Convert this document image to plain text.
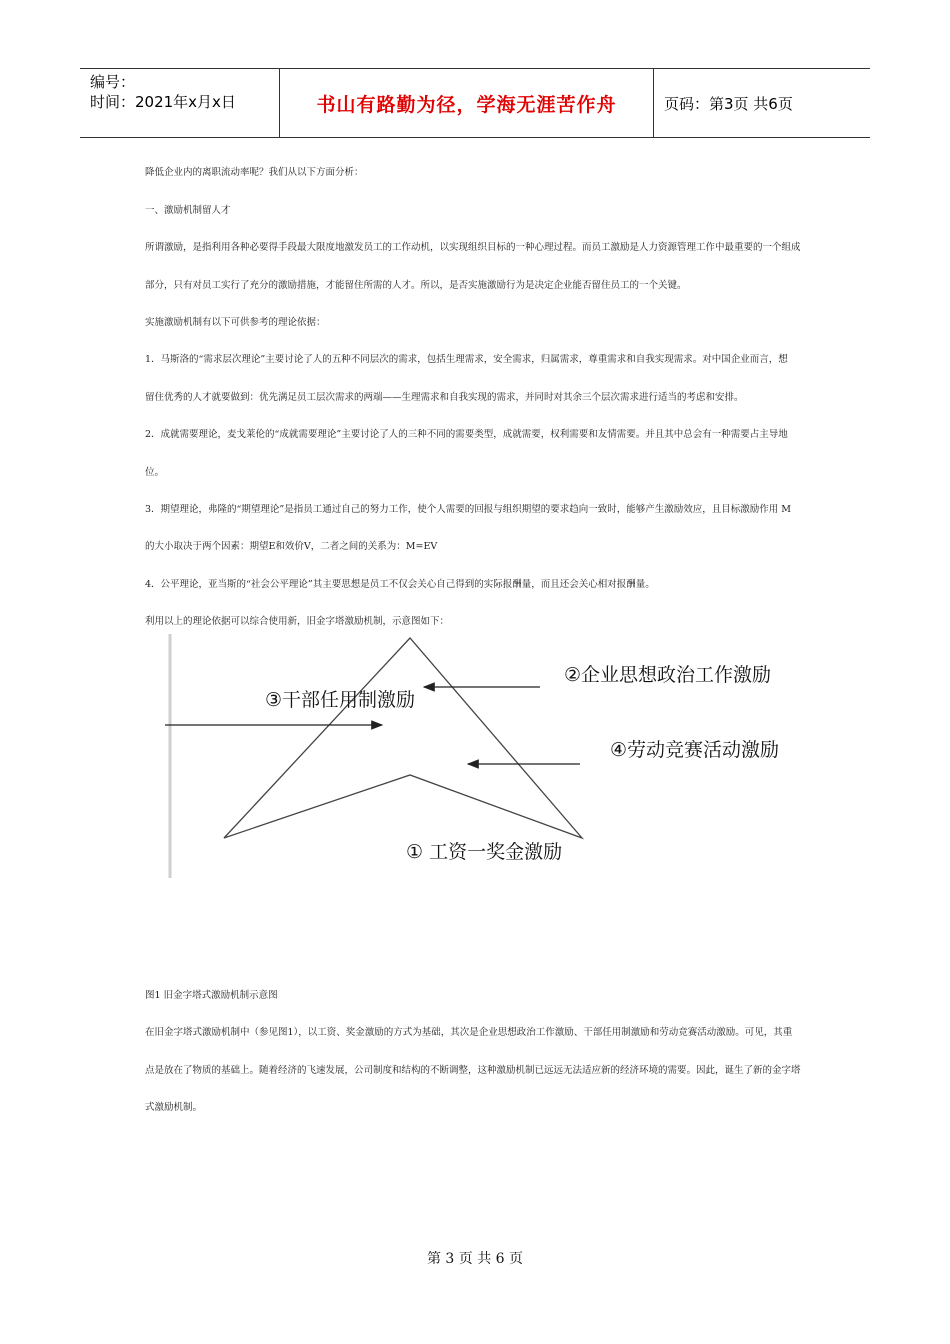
编号：
时间：2021年x月x日	书山有路勤为径，学海无涯苦作舟	页码：第3页 共6页
降低企业内的离职流动率呢？我们从以下方面分析：
一、激励机制留人才
所谓激励，是指利用各种必要得手段最大限度地激发员工的工作动机，以实现组织目标的一种心理过程。而员工激励是人力资源管理工作中最重要的一个组成
部分，只有对员工实行了充分的激励措施，才能留住所需的人才。所以，是否实施激励行为是决定企业能否留住员工的一个关键。
实施激励机制有以下可供参考的理论依据：
1．马斯洛的“需求层次理论”主要讨论了人的五种不同层次的需求，包括生理需求，安全需求，归属需求，尊重需求和自我实现需求。对中国企业而言，想
留住优秀的人才就要做到：优先满足员工层次需求的两端——生理需求和自我实现的需求，并同时对其余三个层次需求进行适当的考虑和安排。
2．成就需要理论，麦戈莱伦的“成就需要理论”主要讨论了人的三种不同的需要类型，成就需要，权利需要和友情需要。并且其中总会有一种需要占主导地
位。
3．期望理论，弗隆的“期望理论”是指员工通过自己的努力工作，使个人需要的回报与组织期望的要求趋向一致时，能够产生激励效应，且目标激励作用 M
的大小取决于两个因素：期望E和效价V，二者之间的关系为：M=EV
4．公平理论，亚当斯的“社会公平理论”其主要思想是员工不仅会关心自己得到的实际报酬量，而且还会关心相对报酬量。
利用以上的理论依据可以综合使用新，旧金字塔激励机制，示意图如下：
②企业思想政治工作激励
③干部任用制激励
④劳动竞赛活动激励
① 工资一奖金激励
图1 旧金字塔式激励机制示意图
在旧金字塔式激励机制中（参见图1），以工资、奖金激励的方式为基础，其次是企业思想政治工作激励、干部任用制激励和劳动竞赛活动激励。可见，其重
点是放在了物质的基础上。随着经济的飞速发展，公司制度和结构的不断调整，这种激励机制已远远无法适应新的经济环境的需要。因此，诞生了新的金字塔
式激励机制。
第 3 页 共 6 页
